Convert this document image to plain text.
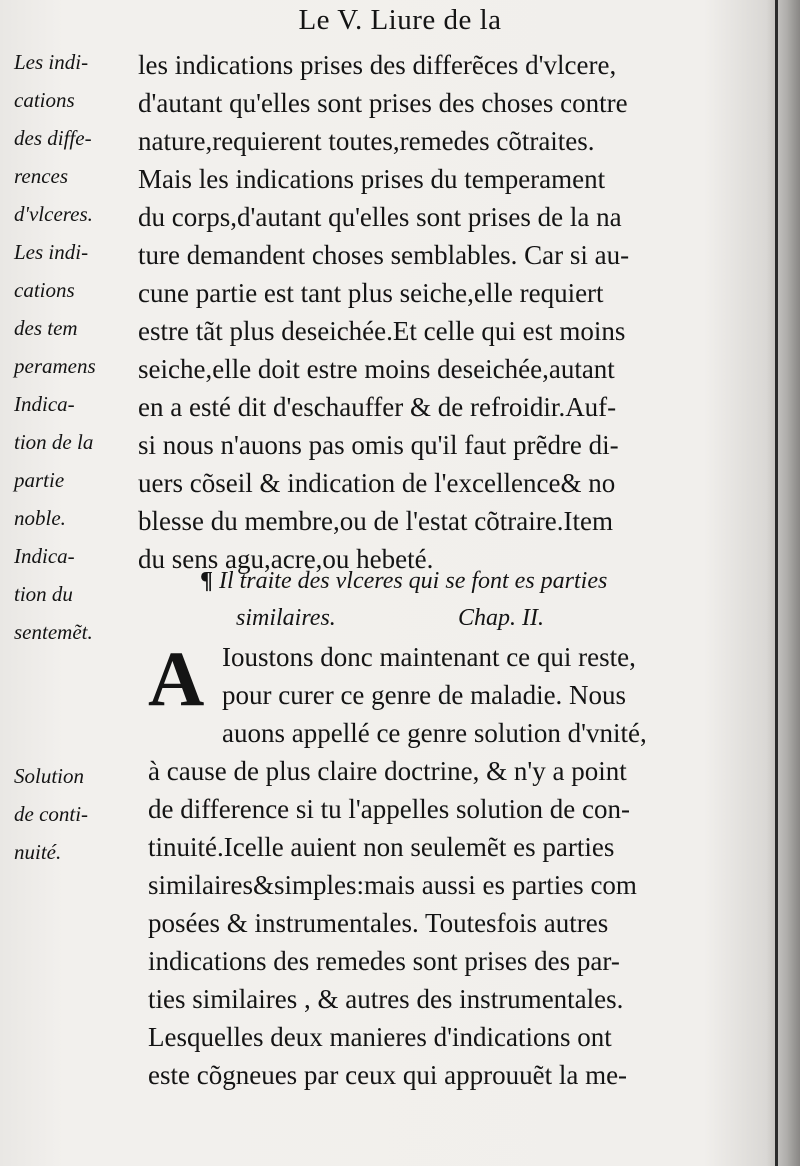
Le V. Liure de la
Les indi-
cations
des diffe-
rences
d'vlceres.
Les indi-
cations
des tem
peramens
Indica-
tion de la
partie
noble.
Indica-
tion du
sentemẽt.
Solution
de conti-
nuité.
les indications prises des differẽces d'vlcere,
d'autant qu'elles sont prises des choses contre
nature,requierent toutes,remedes cõtraites.
Mais les indications prises du temperament
du corps,d'autant qu'elles sont prises de la na
ture demandent choses semblables. Car si au-
cune partie est tant plus seiche,elle requiert
estre tãt plus deseichée.Et celle qui est moins
seiche,elle doit estre moins deseichée,autant
en a esté dit d'eschauffer & de refroidir.Auf-
si nous n'auons pas omis qu'il faut prẽdre di-
uers cõseil & indication de l'excellence& no
blesse du membre,ou de l'estat cõtraire.Item
du sens agu,acre,ou hebeté.
¶ Il traite des vlceres qui se font es parties
similaires.	Chap. II.
A Ioustons donc maintenant ce qui reste,
pour curer ce genre de maladie. Nous
auons appellé ce genre solution d'vnité,
à cause de plus claire doctrine, & n'y a point
de difference si tu l'appelles solution de con-
tinuité.Icelle auient non seulemẽt es parties
similaires&simples:mais aussi es parties com
posées & instrumentales. Toutesfois autres
indications des remedes sont prises des par-
ties similaires , & autres des instrumentales.
Lesquelles deux manieres d'indications ont
este cõgneues par ceux qui approuuẽt la me-
